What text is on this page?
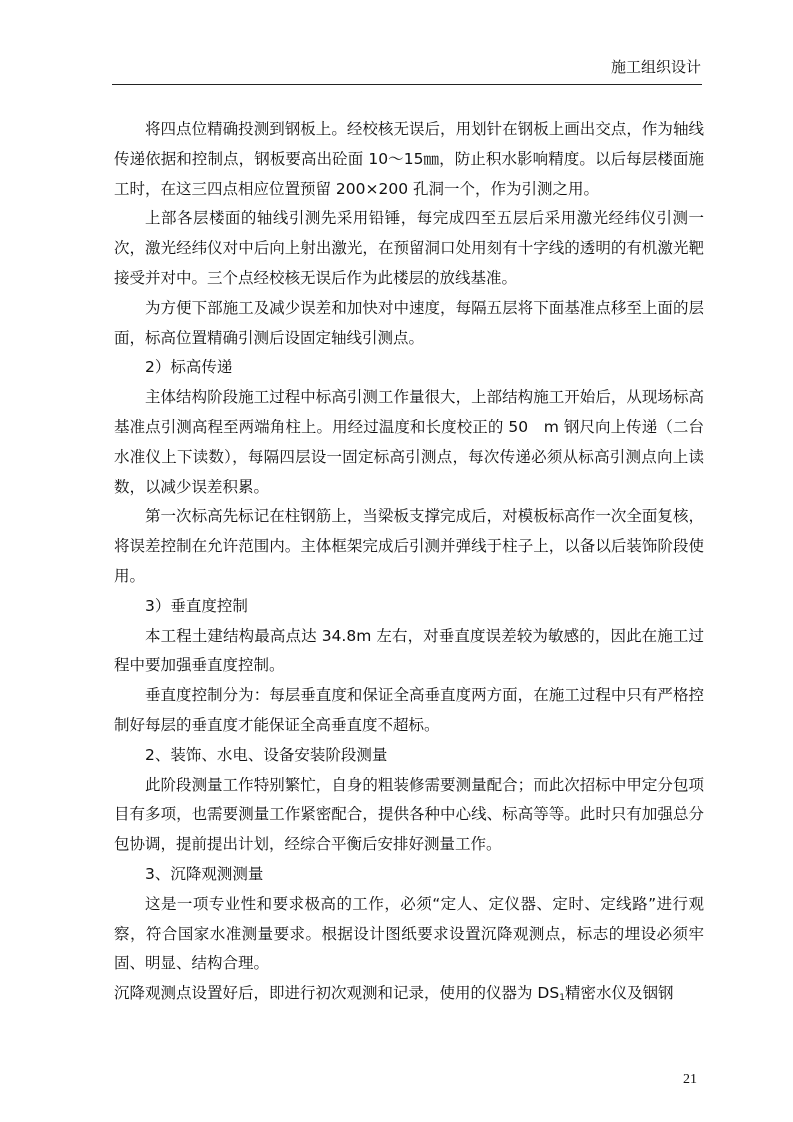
施工组织设计

将四点位精确投测到钢板上。经校核无误后，用划针在钢板上画出交点，作为轴线传递依据和控制点，钢板要高出砼面 10～15㎜，防止积水影响精度。以后每层楼面施工时，在这三四点相应位置预留 200×200 孔洞一个，作为引测之用。

上部各层楼面的轴线引测先采用铅锤，每完成四至五层后采用激光经纬仪引测一次，激光经纬仪对中后向上射出激光，在预留洞口处用刻有十字线的透明的有机激光靶接受并对中。三个点经校核无误后作为此楼层的放线基准。

为方便下部施工及减少误差和加快对中速度，每隔五层将下面基准点移至上面的层面，标高位置精确引测后设固定轴线引测点。

2）标高传递

主体结构阶段施工过程中标高引测工作量很大，上部结构施工开始后，从现场标高基准点引测高程至两端角柱上。用经过温度和长度校正的 50　m 钢尺向上传递（二台水准仪上下读数），每隔四层设一固定标高引测点，每次传递必须从标高引测点向上读数，以减少误差积累。

第一次标高先标记在柱钢筋上，当梁板支撑完成后，对模板标高作一次全面复核，将误差控制在允许范围内。主体框架完成后引测并弹线于柱子上，以备以后装饰阶段使用。

3）垂直度控制

本工程土建结构最高点达 34.8m 左右，对垂直度误差较为敏感的，因此在施工过程中要加强垂直度控制。

垂直度控制分为：每层垂直度和保证全高垂直度两方面，在施工过程中只有严格控制好每层的垂直度才能保证全高垂直度不超标。

2、装饰、水电、设备安装阶段测量

此阶段测量工作特别繁忙，自身的粗装修需要测量配合；而此次招标中甲定分包项目有多项，也需要测量工作紧密配合，提供各种中心线、标高等等。此时只有加强总分包协调，提前提出计划，经综合平衡后安排好测量工作。

3、沉降观测测量

这是一项专业性和要求极高的工作，必须“定人、定仪器、定时、定线路”进行观察，符合国家水准测量要求。根据设计图纸要求设置沉降观测点，标志的埋设必须牢固、明显、结构合理。

沉降观测点设置好后，即进行初次观测和记录，使用的仪器为 $DS_1$精密水仪及铟钢

21
